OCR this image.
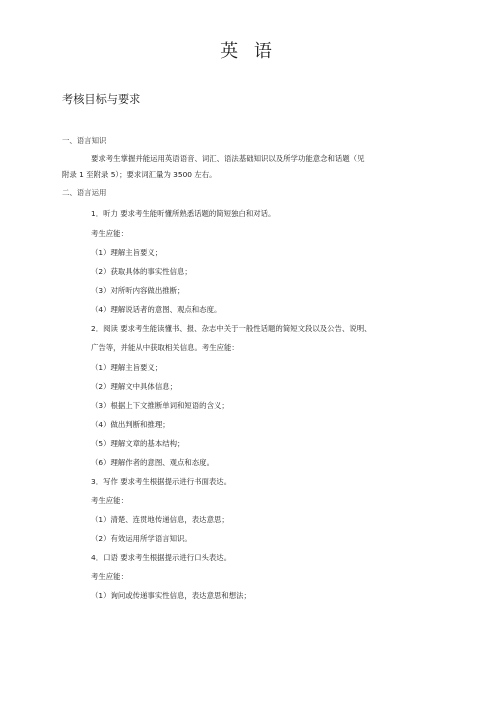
英 语
考核目标与要求
一、语言知识
要求考生掌握并能运用英语语音、词汇、语法基础知识以及所学功能意念和话题（见
附录 1 至附录 5）；要求词汇量为 3500 左右。
二、语言运用
1．听力 要求考生能听懂所熟悉话题的简短独白和对话。
考生应能：
（1）理解主旨要义；
（2）获取具体的事实性信息；
（3）对所听内容做出推断；
（4）理解说话者的意图、观点和态度。
2．阅读 要求考生能读懂书、报、杂志中关于一般性话题的简短文段以及公告、说明、
广告等，并能从中获取相关信息。考生应能：
（1）理解主旨要义；
（2）理解文中具体信息；
（3）根据上下文推断单词和短语的含义；
（4）做出判断和推理；
（5）理解文章的基本结构；
（6）理解作者的意图、观点和态度。
3．写作 要求考生根据提示进行书面表达。
考生应能：
（1）清楚、连贯地传递信息，表达意思；
（2）有效运用所学语言知识。
4．口语 要求考生根据提示进行口头表达。
考生应能：
（1）询问或传递事实性信息，表达意思和想法；
